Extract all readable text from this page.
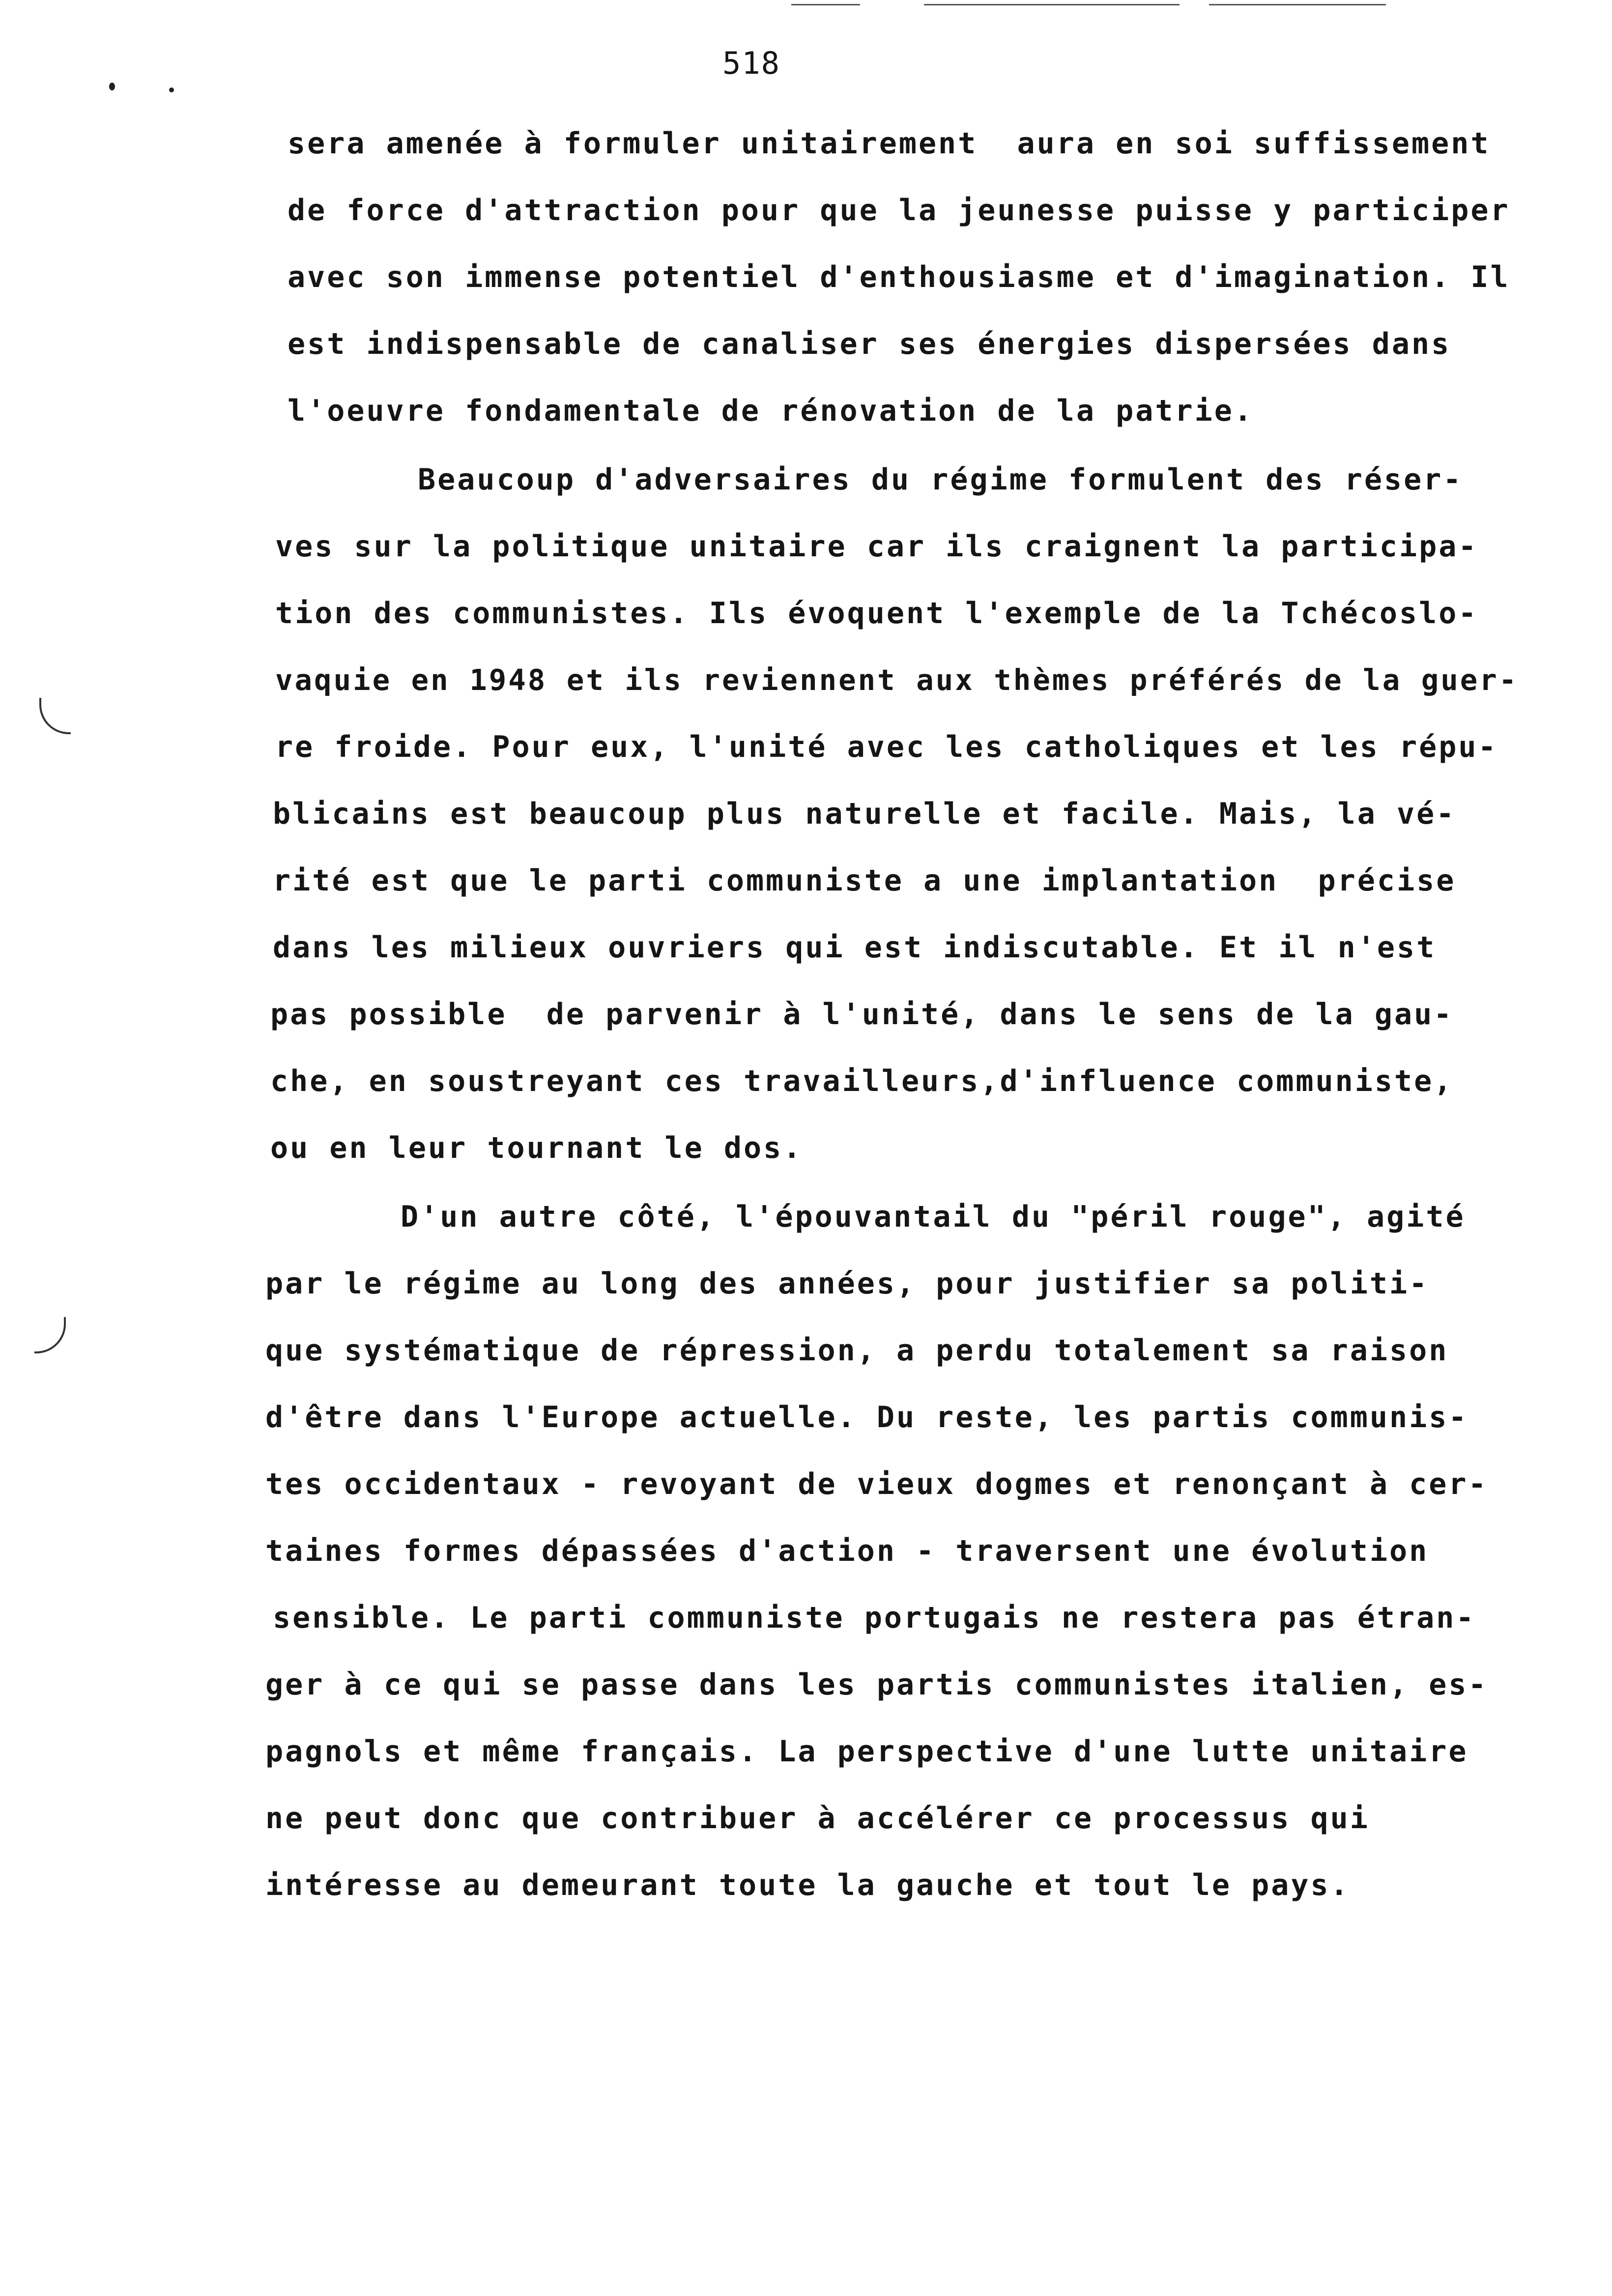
518
sera amenée à formuler unitairement  aura en soi suffissement
de force d'attraction pour que la jeunesse puisse y participer
avec son immense potentiel d'enthousiasme et d'imagination. Il
est indispensable de canaliser ses énergies dispersées dans
l'oeuvre fondamentale de rénovation de la patrie.
Beaucoup d'adversaires du régime formulent des réser-
ves sur la politique unitaire car ils craignent la participa-
tion des communistes. Ils évoquent l'exemple de la Tchécoslo-
vaquie en 1948 et ils reviennent aux thèmes préférés de la guer-
re froide. Pour eux, l'unité avec les catholiques et les répu-
blicains est beaucoup plus naturelle et facile. Mais, la vé-
rité est que le parti communiste a une implantation  précise
dans les milieux ouvriers qui est indiscutable. Et il n'est
pas possible  de parvenir à l'unité, dans le sens de la gau-
che, en soustreyant ces travailleurs,d'influence communiste,
ou en leur tournant le dos.
D'un autre côté, l'épouvantail du "péril rouge", agité
par le régime au long des années, pour justifier sa politi-
que systématique de répression, a perdu totalement sa raison
d'être dans l'Europe actuelle. Du reste, les partis communis-
tes occidentaux - revoyant de vieux dogmes et renonçant à cer-
taines formes dépassées d'action - traversent une évolution
sensible. Le parti communiste portugais ne restera pas étran-
ger à ce qui se passe dans les partis communistes italien, es-
pagnols et même français. La perspective d'une lutte unitaire
ne peut donc que contribuer à accélérer ce processus qui
intéresse au demeurant toute la gauche et tout le pays.
